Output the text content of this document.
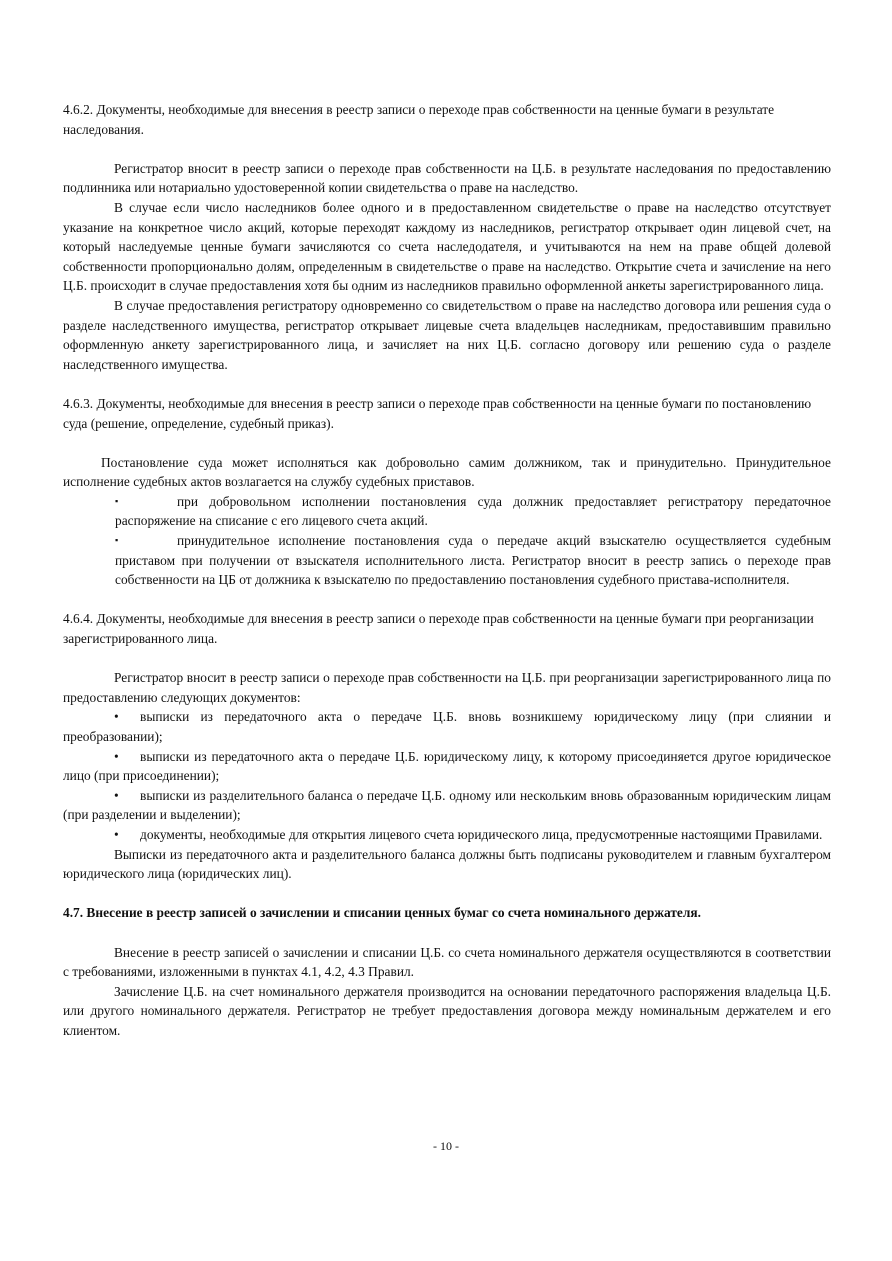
4.6.2. Документы, необходимые для внесения в реестр записи о переходе прав собственности на ценные бумаги в результате наследования.

Регистратор вносит в реестр записи о переходе прав собственности на Ц.Б. в результате наследования по предоставлению подлинника или нотариально удостоверенной копии свидетельства о праве на наследство.

В случае если число наследников более одного и в предоставленном свидетельстве о праве на наследство отсутствует указание на конкретное число акций, которые переходят каждому из наследников, регистратор открывает один лицевой счет, на который наследуемые ценные бумаги зачисляются со счета наследодателя, и учитываются на нем на праве общей долевой собственности пропорционально долям, определенным в свидетельстве о праве на наследство. Открытие счета и зачисление на него Ц.Б. происходит в случае предоставления хотя бы одним из наследников правильно оформленной анкеты зарегистрированного лица.

В случае предоставления регистратору одновременно со свидетельством о праве на наследство договора или решения суда о разделе наследственного имущества, регистратор открывает лицевые счета владельцев наследникам, предоставившим правильно оформленную анкету зарегистрированного лица, и зачисляет на них Ц.Б. согласно договору или решению суда о разделе наследственного имущества.

4.6.3. Документы, необходимые для внесения в реестр записи о переходе прав собственности на ценные бумаги по постановлению суда (решение, определение, судебный приказ).

Постановление суда может исполняться как добровольно самим должником, так и принудительно. Принудительное исполнение судебных актов возлагается на службу судебных приставов.

▪	при добровольном исполнении постановления суда должник предоставляет регистратору передаточное распоряжение на списание с его лицевого счета акций.
▪	принудительное исполнение постановления суда о передаче акций взыскателю осуществляется судебным приставом при получении от взыскателя исполнительного листа. Регистратор вносит в реестр запись о переходе прав собственности на ЦБ от должника к взыскателю по предоставлению постановления судебного пристава-исполнителя.

4.6.4. Документы, необходимые для внесения в реестр записи о переходе прав собственности на ценные бумаги при реорганизации зарегистрированного лица.

Регистратор вносит в реестр записи о переходе прав собственности на Ц.Б. при реорганизации зарегистрированного лица по предоставлению следующих документов:

• выписки из передаточного акта о передаче Ц.Б. вновь возникшему юридическому лицу (при слиянии и преобразовании);

• выписки из передаточного акта о передаче Ц.Б. юридическому лицу, к которому присоединяется другое юридическое лицо (при присоединении);

• выписки из разделительного баланса о передаче Ц.Б. одному или нескольким вновь образованным юридическим лицам (при разделении и выделении);

• документы, необходимые для открытия лицевого счета юридического лица, предусмотренные настоящими Правилами.

Выписки из передаточного акта и разделительного баланса должны быть подписаны руководителем и главным бухгалтером юридического лица (юридических лиц).

4.7. Внесение в реестр записей о зачислении и списании ценных бумаг со счета номинального держателя.

Внесение в реестр записей о зачислении и списании Ц.Б. со счета номинального держателя осуществляются в соответствии с требованиями, изложенными в пунктах 4.1, 4.2, 4.3 Правил.

Зачисление Ц.Б. на счет номинального держателя производится на основании передаточного распоряжения владельца Ц.Б. или другого номинального держателя. Регистратор не требует предоставления договора между номинальным держателем и его клиентом.

- 10 -
